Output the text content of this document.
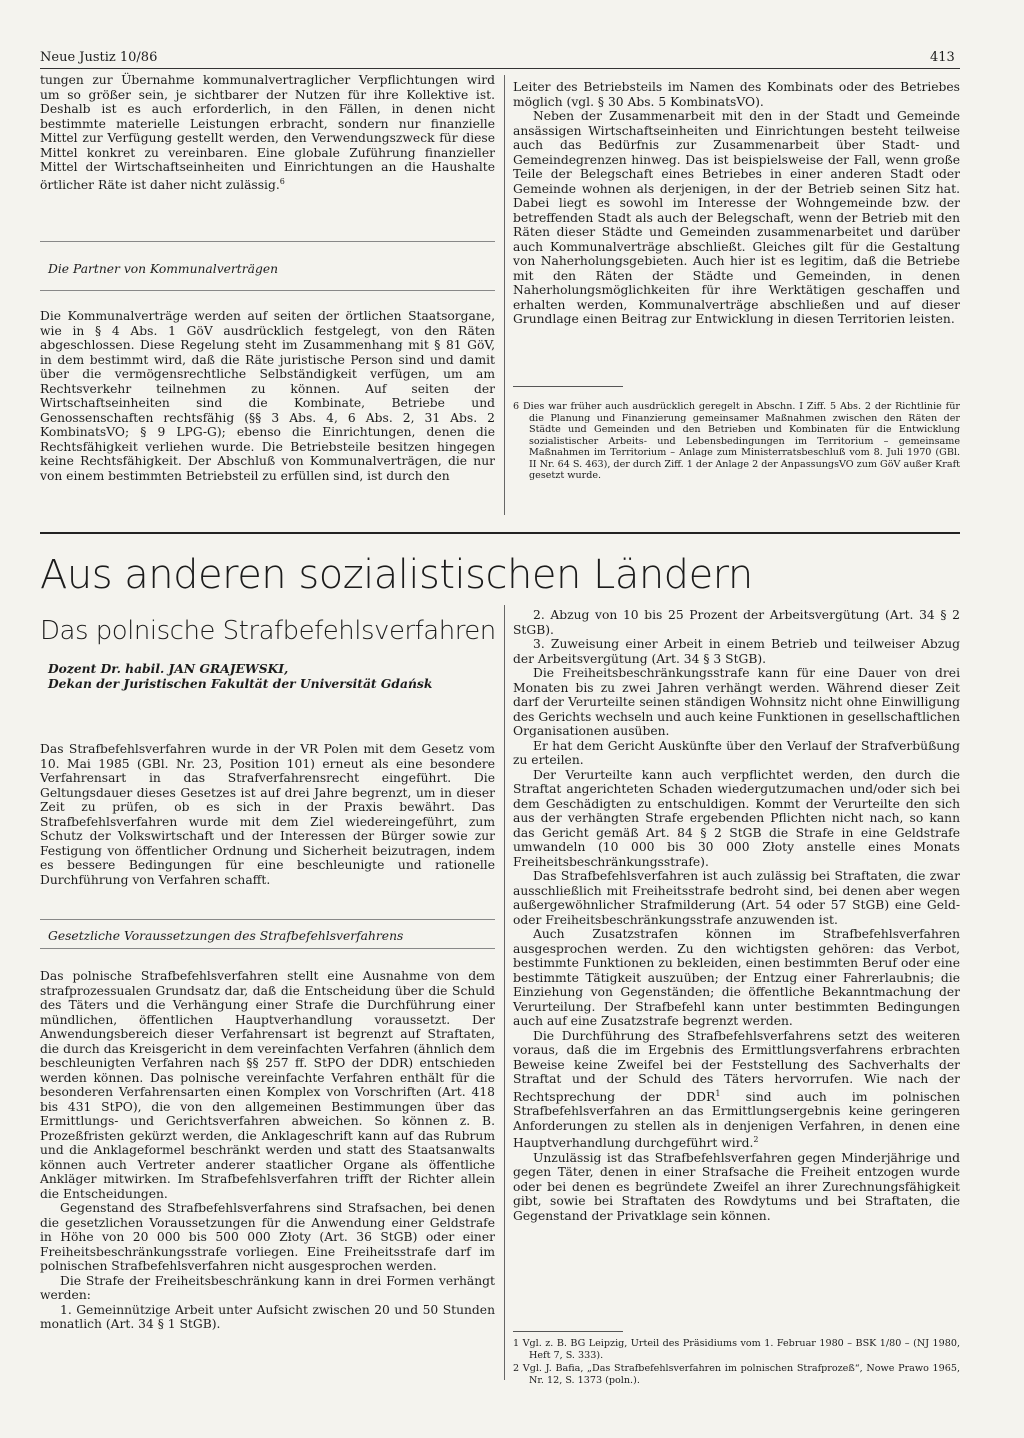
Neue Justiz 10/86	413

tungen zur Übernahme kommunalvertraglicher Verpflichtungen wird um so größer sein, je sichtbarer der Nutzen für ihre Kollektive ist. Deshalb ist es auch erforderlich, in den Fällen, in denen nicht bestimmte materielle Leistungen erbracht, sondern nur finanzielle Mittel zur Verfügung gestellt werden, den Verwendungszweck für diese Mittel konkret zu vereinbaren. Eine globale Zuführung finanzieller Mittel der Wirtschaftseinheiten und Einrichtungen an die Haushalte örtlicher Räte ist daher nicht zulässig.$^6$

Die Partner von Kommunalverträgen

Die Kommunalverträge werden auf seiten der örtlichen Staatsorgane, wie in § 4 Abs. 1 GöV ausdrücklich festgelegt, von den Räten abgeschlossen. Diese Regelung steht im Zusammenhang mit § 81 GöV, in dem bestimmt wird, daß die Räte juristische Person sind und damit über die vermögensrechtliche Selbständigkeit verfügen, um am Rechtsverkehr teilnehmen zu können. Auf seiten der Wirtschaftseinheiten sind die Kombinate, Betriebe und Genossenschaften rechtsfähig (§§ 3 Abs. 4, 6 Abs. 2, 31 Abs. 2 KombinatsVO; § 9 LPG-G); ebenso die Einrichtungen, denen die Rechtsfähigkeit verliehen wurde. Die Betriebsteile besitzen hingegen keine Rechtsfähigkeit. Der Abschluß von Kommunalverträgen, die nur von einem bestimmten Betriebsteil zu erfüllen sind, ist durch den

Leiter des Betriebsteils im Namen des Kombinats oder des Betriebes möglich (vgl. § 30 Abs. 5 KombinatsVO).

Neben der Zusammenarbeit mit den in der Stadt und Gemeinde ansässigen Wirtschaftseinheiten und Einrichtungen besteht teilweise auch das Bedürfnis zur Zusammenarbeit über Stadt- und Gemeindegrenzen hinweg. Das ist beispielsweise der Fall, wenn große Teile der Belegschaft eines Betriebes in einer anderen Stadt oder Gemeinde wohnen als derjenigen, in der der Betrieb seinen Sitz hat. Dabei liegt es sowohl im Interesse der Wohngemeinde bzw. der betreffenden Stadt als auch der Belegschaft, wenn der Betrieb mit den Räten dieser Städte und Gemeinden zusammenarbeitet und darüber auch Kommunalverträge abschließt. Gleiches gilt für die Gestaltung von Naherholungsgebieten. Auch hier ist es legitim, daß die Betriebe mit den Räten der Städte und Gemeinden, in denen Naherholungsmöglichkeiten für ihre Werktätigen geschaffen und erhalten werden, Kommunalverträge abschließen und auf dieser Grundlage einen Beitrag zur Entwicklung in diesen Territorien leisten.

6 Dies war früher auch ausdrücklich geregelt in Abschn. I Ziff. 5 Abs. 2 der Richtlinie für die Planung und Finanzierung gemeinsamer Maßnahmen zwischen den Räten der Städte und Gemeinden und den Betrieben und Kombinaten für die Entwicklung sozialistischer Arbeits- und Lebensbedingungen im Territorium – gemeinsame Maßnahmen im Territorium – Anlage zum Ministerratsbeschluß vom 8. Juli 1970 (GBl. II Nr. 64 S. 463), der durch Ziff. 1 der Anlage 2 der AnpassungsVO zum GöV außer Kraft gesetzt wurde.

Aus anderen sozialistischen Ländern
Das polnische Strafbefehlsverfahren
Dozent Dr. habil. JAN GRAJEWSKI,
Dekan der Juristischen Fakultät der Universität Gdańsk

Das Strafbefehlsverfahren wurde in der VR Polen mit dem Gesetz vom 10. Mai 1985 (GBl. Nr. 23, Position 101) erneut als eine besondere Verfahrensart in das Strafverfahrensrecht eingeführt. Die Geltungsdauer dieses Gesetzes ist auf drei Jahre begrenzt, um in dieser Zeit zu prüfen, ob es sich in der Praxis bewährt. Das Strafbefehlsverfahren wurde mit dem Ziel wiedereingeführt, zum Schutz der Volkswirtschaft und der Interessen der Bürger sowie zur Festigung von öffentlicher Ordnung und Sicherheit beizutragen, indem es bessere Bedingungen für eine beschleunigte und rationelle Durchführung von Verfahren schafft.

Gesetzliche Voraussetzungen des Strafbefehlsverfahrens

Das polnische Strafbefehlsverfahren stellt eine Ausnahme von dem strafprozessualen Grundsatz dar, daß die Entscheidung über die Schuld des Täters und die Verhängung einer Strafe die Durchführung einer mündlichen, öffentlichen Hauptverhandlung voraussetzt. Der Anwendungsbereich dieser Verfahrensart ist begrenzt auf Straftaten, die durch das Kreisgericht in dem vereinfachten Verfahren (ähnlich dem beschleunigten Verfahren nach §§ 257 ff. StPO der DDR) entschieden werden können. Das polnische vereinfachte Verfahren enthält für die besonderen Verfahrensarten einen Komplex von Vorschriften (Art. 418 bis 431 StPO), die von den allgemeinen Bestimmungen über das Ermittlungs- und Gerichtsverfahren abweichen. So können z. B. Prozeßfristen gekürzt werden, die Anklageschrift kann auf das Rubrum und die Anklageformel beschränkt werden und statt des Staatsanwalts können auch Vertreter anderer staatlicher Organe als öffentliche Ankläger mitwirken. Im Strafbefehlsverfahren trifft der Richter allein die Entscheidungen.

Gegenstand des Strafbefehlsverfahrens sind Strafsachen, bei denen die gesetzlichen Voraussetzungen für die Anwendung einer Geldstrafe in Höhe von 20 000 bis 500 000 Złoty (Art. 36 StGB) oder einer Freiheitsbeschränkungsstrafe vorliegen. Eine Freiheitsstrafe darf im polnischen Strafbefehlsverfahren nicht ausgesprochen werden.

Die Strafe der Freiheitsbeschränkung kann in drei Formen verhängt werden:

1. Gemeinnützige Arbeit unter Aufsicht zwischen 20 und 50 Stunden monatlich (Art. 34 § 1 StGB).

2. Abzug von 10 bis 25 Prozent der Arbeitsvergütung (Art. 34 § 2 StGB).

3. Zuweisung einer Arbeit in einem Betrieb und teilweiser Abzug der Arbeitsvergütung (Art. 34 § 3 StGB).

Die Freiheitsbeschränkungsstrafe kann für eine Dauer von drei Monaten bis zu zwei Jahren verhängt werden. Während dieser Zeit darf der Verurteilte seinen ständigen Wohnsitz nicht ohne Einwilligung des Gerichts wechseln und auch keine Funktionen in gesellschaftlichen Organisationen ausüben.

Er hat dem Gericht Auskünfte über den Verlauf der Strafverbüßung zu erteilen.

Der Verurteilte kann auch verpflichtet werden, den durch die Straftat angerichteten Schaden wiedergutzumachen und/oder sich bei dem Geschädigten zu entschuldigen. Kommt der Verurteilte den sich aus der verhängten Strafe ergebenden Pflichten nicht nach, so kann das Gericht gemäß Art. 84 § 2 StGB die Strafe in eine Geldstrafe umwandeln (10 000 bis 30 000 Złoty anstelle eines Monats Freiheitsbeschränkungsstrafe).

Das Strafbefehlsverfahren ist auch zulässig bei Straftaten, die zwar ausschließlich mit Freiheitsstrafe bedroht sind, bei denen aber wegen außergewöhnlicher Strafmilderung (Art. 54 oder 57 StGB) eine Geld- oder Freiheitsbeschränkungsstrafe anzuwenden ist.

Auch Zusatzstrafen können im Strafbefehlsverfahren ausgesprochen werden. Zu den wichtigsten gehören: das Verbot, bestimmte Funktionen zu bekleiden, einen bestimmten Beruf oder eine bestimmte Tätigkeit auszuüben; der Entzug einer Fahrerlaubnis; die Einziehung von Gegenständen; die öffentliche Bekanntmachung der Verurteilung. Der Strafbefehl kann unter bestimmten Bedingungen auch auf eine Zusatzstrafe begrenzt werden.

Die Durchführung des Strafbefehlsverfahrens setzt des weiteren voraus, daß die im Ergebnis des Ermittlungsverfahrens erbrachten Beweise keine Zweifel bei der Feststellung des Sachverhalts der Straftat und der Schuld des Täters hervorrufen. Wie nach der Rechtsprechung der DDR$^1$ sind auch im polnischen Strafbefehlsverfahren an das Ermittlungsergebnis keine geringeren Anforderungen zu stellen als in denjenigen Verfahren, in denen eine Hauptverhandlung durchgeführt wird.$^2$

Unzulässig ist das Strafbefehlsverfahren gegen Minderjährige und gegen Täter, denen in einer Strafsache die Freiheit entzogen wurde oder bei denen es begründete Zweifel an ihrer Zurechnungsfähigkeit gibt, sowie bei Straftaten des Rowdytums und bei Straftaten, die Gegenstand der Privatklage sein können.

1 Vgl. z. B. BG Leipzig, Urteil des Präsidiums vom 1. Februar 1980 – BSK 1/80 – (NJ 1980, Heft 7, S. 333).

2 Vgl. J. Bafia, „Das Strafbefehlsverfahren im polnischen Strafprozeß“, Nowe Prawo 1965, Nr. 12, S. 1373 (poln.).
